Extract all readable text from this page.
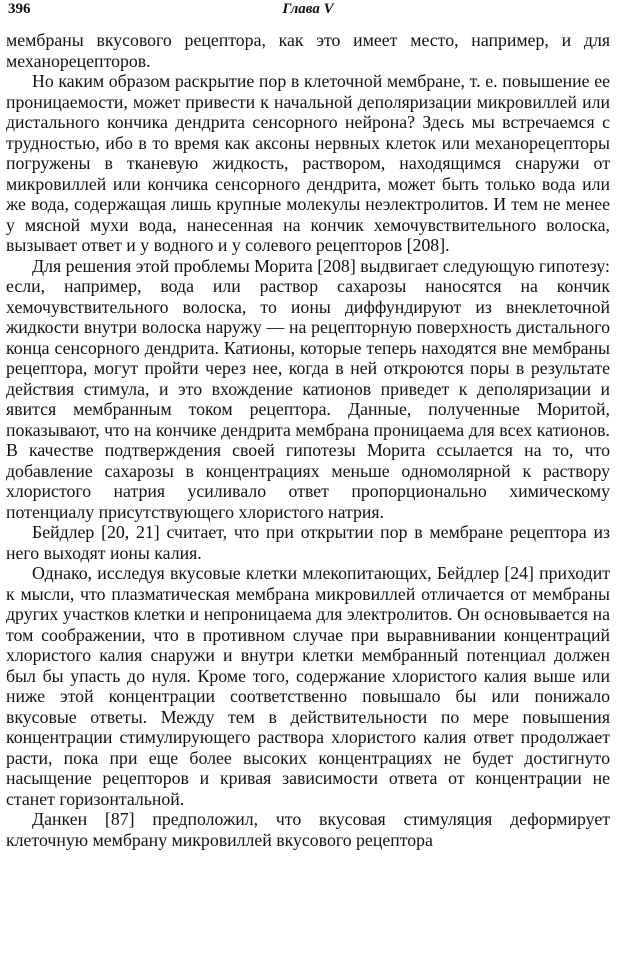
396	Глава V

мембраны вкусового рецептора, как это имеет место, например, и для механорецепторов.

Но каким образом раскрытие пор в клеточной мембране, т. е. повышение ее проницаемости, может привести к начальной деполяризации микровиллей или дистального кончика дендрита сенсорного нейрона? Здесь мы встречаемся с трудностью, ибо в то время как аксоны нервных клеток или механорецепторы погружены в тканевую жидкость, раствором, находящимся снаружи от микровиллей или кончика сенсорного дендрита, может быть только вода или же вода, содержащая лишь крупные молекулы неэлектролитов. И тем не менее у мясной мухи вода, нанесенная на кончик хемочувствительного волоска, вызывает ответ и у водного и у солевого рецепторов [208].

Для решения этой проблемы Морита [208] выдвигает следующую гипотезу: если, например, вода или раствор сахарозы наносятся на кончик хемочувствительного волоска, то ионы диффундируют из внеклеточной жидкости внутри волоска наружу — на рецепторную поверхность дистального конца сенсорного дендрита. Катионы, которые теперь находятся вне мембраны рецептора, могут пройти через нее, когда в ней откроются поры в результате действия стимула, и это вхождение катионов приведет к деполяризации и явится мембранным током рецептора. Данные, полученные Моритой, показывают, что на кончике дендрита мембрана проницаема для всех катионов. В качестве подтверждения своей гипотезы Морита ссылается на то, что добавление сахарозы в концентрациях меньше одномолярной к раствору хлористого натрия усиливало ответ пропорционально химическому потенциалу присутствующего хлористого натрия.

Бейдлер [20, 21] считает, что при открытии пор в мембране рецептора из него выходят ионы калия.

Однако, исследуя вкусовые клетки млекопитающих, Бейдлер [24] приходит к мысли, что плазматическая мембрана микровиллей отличается от мембраны других участков клетки и непроницаема для электролитов. Он основывается на том соображении, что в противном случае при выравнивании концентраций хлористого калия снаружи и внутри клетки мембранный потенциал должен был бы упасть до нуля. Кроме того, содержание хлористого калия выше или ниже этой концентрации соответственно повышало бы или понижало вкусовые ответы. Между тем в действительности по мере повышения концентрации стимулирующего раствора хлористого калия ответ продолжает расти, пока при еще более высоких концентрациях не будет достигнуто насыщение рецепторов и кривая зависимости ответа от концентрации не станет горизонтальной.

Данкен [87] предположил, что вкусовая стимуляция деформирует клеточную мембрану микровиллей вкусового рецептора
